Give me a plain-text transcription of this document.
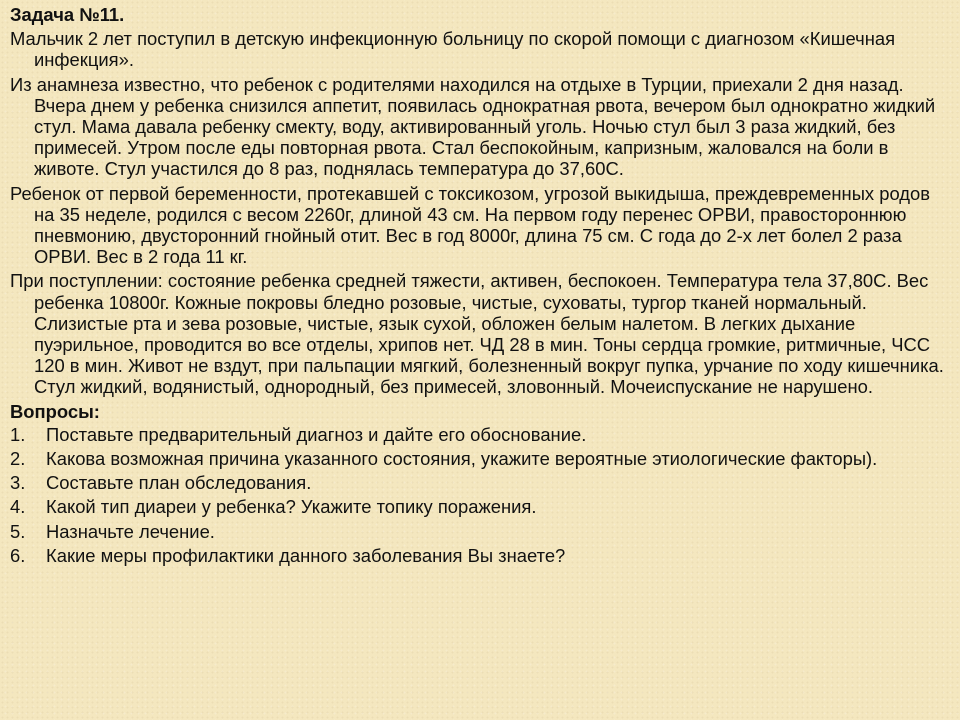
Задача №11.
Мальчик 2 лет поступил в детскую инфекционную больницу по скорой помощи с диагнозом «Кишечная инфекция».
Из анамнеза известно, что ребенок с родителями находился на отдыхе в Турции, приехали 2 дня назад. Вчера днем у ребенка снизился аппетит, появилась однократная рвота, вечером был однократно жидкий стул. Мама давала ребенку смекту, воду, активированный уголь. Ночью стул был 3 раза жидкий, без примесей. Утром после еды повторная рвота. Стал беспокойным, капризным, жаловался на боли в животе. Стул участился до 8 раз, поднялась температура до 37,60С.
Ребенок от первой беременности, протекавшей с токсикозом, угрозой выкидыша, преждевременных родов на 35 неделе, родился с весом 2260г, длиной 43 см. На первом году перенес ОРВИ, правостороннюю пневмонию, двусторонний гнойный отит. Вес в год 8000г, длина 75 см. С года до 2-х лет болел 2 раза ОРВИ. Вес в 2 года 11 кг.
При поступлении: состояние ребенка средней тяжести, активен, беспокоен. Температура тела 37,80С. Вес ребенка 10800г. Кожные покровы бледно розовые, чистые, суховаты, тургор тканей нормальный. Слизистые рта и зева розовые, чистые, язык сухой, обложен белым налетом. В легких дыхание пуэрильное, проводится во все отделы, хрипов нет. ЧД 28 в мин. Тоны сердца громкие, ритмичные, ЧСС 120 в мин. Живот не вздут, при пальпации мягкий, болезненный вокруг пупка, урчание по ходу кишечника. Стул жидкий, водянистый, однородный, без примесей, зловонный. Мочеиспускание не нарушено.
Вопросы:
1. Поставьте предварительный диагноз и дайте его обоснование.
2. Какова возможная причина указанного состояния, укажите вероятные этиологические факторы).
3. Составьте план обследования.
4. Какой тип диареи у ребенка? Укажите топику поражения.
5. Назначьте лечение.
6. Какие меры профилактики данного заболевания Вы знаете?
